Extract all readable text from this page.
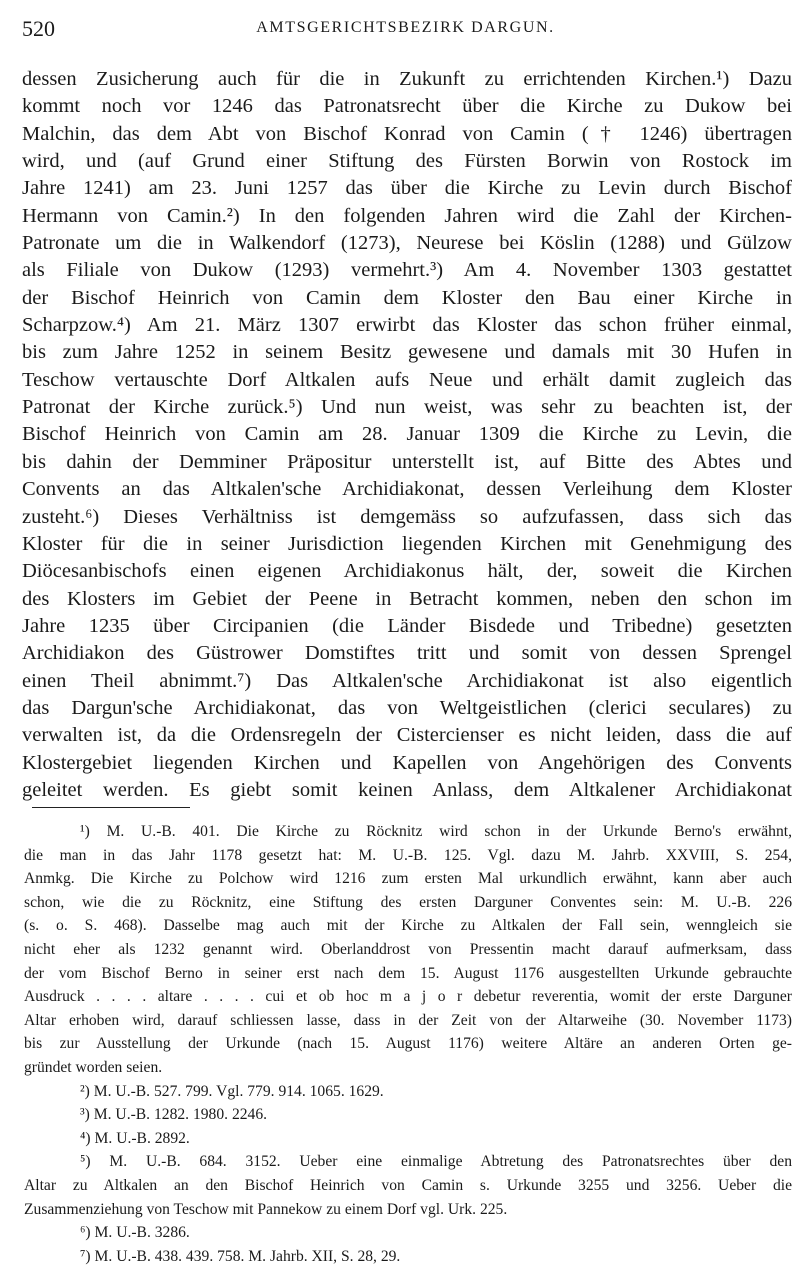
520	AMTSGERICHTSBEZIRK DARGUN.
dessen Zusicherung auch für die in Zukunft zu errichtenden Kirchen.¹) Dazu
kommt noch vor 1246 das Patronatsrecht über die Kirche zu Dukow bei
Malchin, das dem Abt von Bischof Konrad von Camin († 1246) übertragen
wird, und (auf Grund einer Stiftung des Fürsten Borwin von Rostock im
Jahre 1241) am 23. Juni 1257 das über die Kirche zu Levin durch Bischof
Hermann von Camin.²) In den folgenden Jahren wird die Zahl der Kirchen-
Patronate um die in Walkendorf (1273), Neurese bei Köslin (1288) und Gülzow
als Filiale von Dukow (1293) vermehrt.³) Am 4. November 1303 gestattet
der Bischof Heinrich von Camin dem Kloster den Bau einer Kirche in
Scharpzow.⁴) Am 21. März 1307 erwirbt das Kloster das schon früher einmal,
bis zum Jahre 1252 in seinem Besitz gewesene und damals mit 30 Hufen in
Teschow vertauschte Dorf Altkalen aufs Neue und erhält damit zugleich das
Patronat der Kirche zurück.⁵) Und nun weist, was sehr zu beachten ist, der
Bischof Heinrich von Camin am 28. Januar 1309 die Kirche zu Levin, die
bis dahin der Demminer Präpositur unterstellt ist, auf Bitte des Abtes und
Convents an das Altkalen'sche Archidiakonat, dessen Verleihung dem Kloster
zusteht.⁶) Dieses Verhältniss ist demgemäss so aufzufassen, dass sich das
Kloster für die in seiner Jurisdiction liegenden Kirchen mit Genehmigung des
Diöcesanbischofs einen eigenen Archidiakonus hält, der, soweit die Kirchen
des Klosters im Gebiet der Peene in Betracht kommen, neben den schon im
Jahre 1235 über Circipanien (die Länder Bisdede und Tribedne) gesetzten
Archidiakon des Güstrower Domstiftes tritt und somit von dessen Sprengel
einen Theil abnimmt.⁷) Das Altkalen'sche Archidiakonat ist also eigentlich
das Dargun'sche Archidiakonat, das von Weltgeistlichen (clerici seculares) zu
verwalten ist, da die Ordensregeln der Cistercienser es nicht leiden, dass die auf
Klostergebiet liegenden Kirchen und Kapellen von Angehörigen des Convents
geleitet werden. Es giebt somit keinen Anlass, dem Altkalener Archidiakonat
¹) M. U.-B. 401. Die Kirche zu Röcknitz wird schon in der Urkunde Berno's erwähnt,
die man in das Jahr 1178 gesetzt hat: M. U.-B. 125. Vgl. dazu M. Jahrb. XXVIII, S. 254,
Anmkg. Die Kirche zu Polchow wird 1216 zum ersten Mal urkundlich erwähnt, kann aber auch
schon, wie die zu Röcknitz, eine Stiftung des ersten Darguner Conventes sein: M. U.-B. 226
(s. o. S. 468). Dasselbe mag auch mit der Kirche zu Altkalen der Fall sein, wenngleich sie
nicht eher als 1232 genannt wird. Oberlanddrost von Pressentin macht darauf aufmerksam, dass
der vom Bischof Berno in seiner erst nach dem 15. August 1176 ausgestellten Urkunde gebrauchte
Ausdruck . . . . altare . . . . cui et ob hoc m a j o r debetur reverentia, womit der erste Darguner
Altar erhoben wird, darauf schliessen lasse, dass in der Zeit von der Altarweihe (30. November 1173)
bis zur Ausstellung der Urkunde (nach 15. August 1176) weitere Altäre an anderen Orten ge-
gründet worden seien.
²) M. U.-B. 527. 799. Vgl. 779. 914. 1065. 1629.
³) M. U.-B. 1282. 1980. 2246.
⁴) M. U.-B. 2892.
⁵) M. U.-B. 684. 3152. Ueber eine einmalige Abtretung des Patronatsrechtes über den
Altar zu Altkalen an den Bischof Heinrich von Camin s. Urkunde 3255 und 3256. Ueber die
Zusammenziehung von Teschow mit Pannekow zu einem Dorf vgl. Urk. 225.
⁶) M. U.-B. 3286.
⁷) M. U.-B. 438. 439. 758. M. Jahrb. XII, S. 28, 29.
